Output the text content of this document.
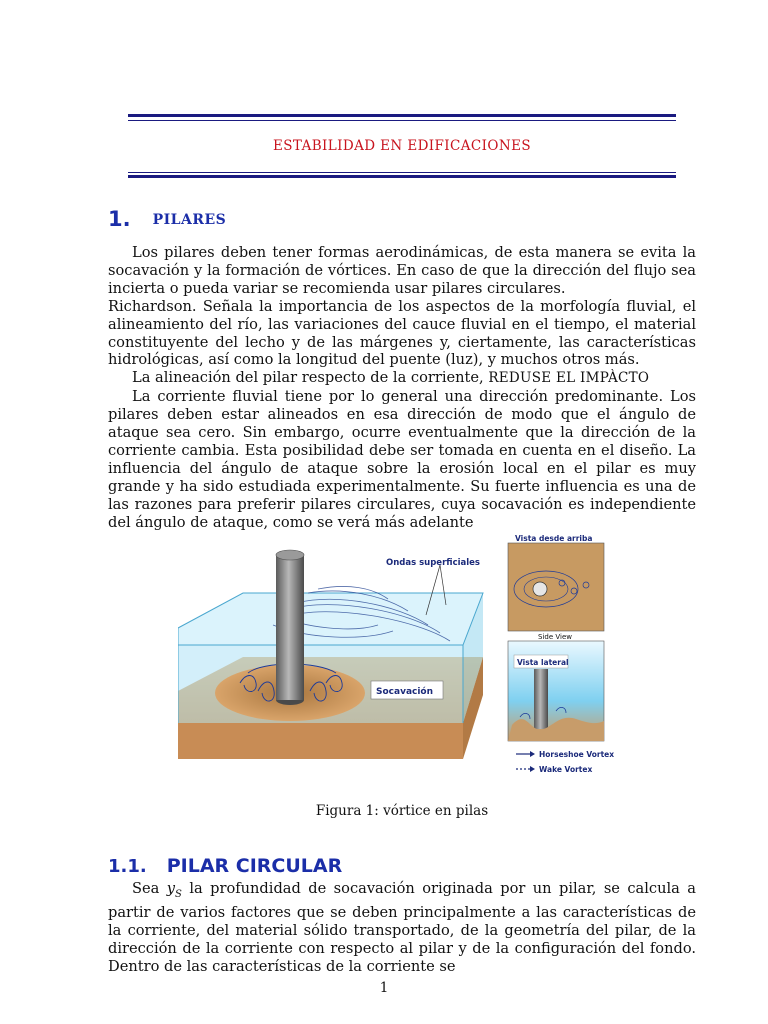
ESTABILIDAD EN EDIFICACIONES
1. PILARES

Los pilares deben tener formas aerodinámicas, de esta manera se evita la socavación y la formación de vórtices. En caso de que la dirección del flujo sea incierta o pueda variar se recomienda usar pilares circulares.

Richardson. Señala la importancia de los aspectos de la morfología fluvial, el alineamiento del río, las variaciones del cauce fluvial en el tiempo, el material constituyente del lecho y de las márgenes y, ciertamente, las características hidrológicas, así como la longitud del puente (luz), y muchos otros más.

La alineación del pilar respecto de la corriente, REDUSE EL IMPÀCTO

La corriente fluvial tiene por lo general una dirección predominante. Los pilares deben estar alineados en esa dirección de modo que el ángulo de ataque sea cero. Sin embargo, ocurre eventualmente que la dirección de la corriente cambia. Esta posibilidad debe ser tomada en cuenta en el diseño. La influencia del ángulo de ataque sobre la erosión local en el pilar es muy grande y ha sido estudiada experimentalmente. Su fuerte influencia es una de las razones para preferir pilares circulares, cuya socavación es independiente del ángulo de ataque, como se verá más adelante

Ondas superficiales
Socavación
Vista desde arriba
Side View
Vista lateral
Horseshoe Vortex
Wake Vortex
Figura 1: vórtice en pilas
1.1. PILAR CIRCULAR

Sea $y_S$ la profundidad de socavación originada por un pilar, se calcula a partir de varios factores que se deben principalmente a las características de la corriente, del material sólido transportado, de la geometría del pilar, de la dirección de la corriente con respecto al pilar y de la configuración del fondo. Dentro de las características de la corriente se

1
